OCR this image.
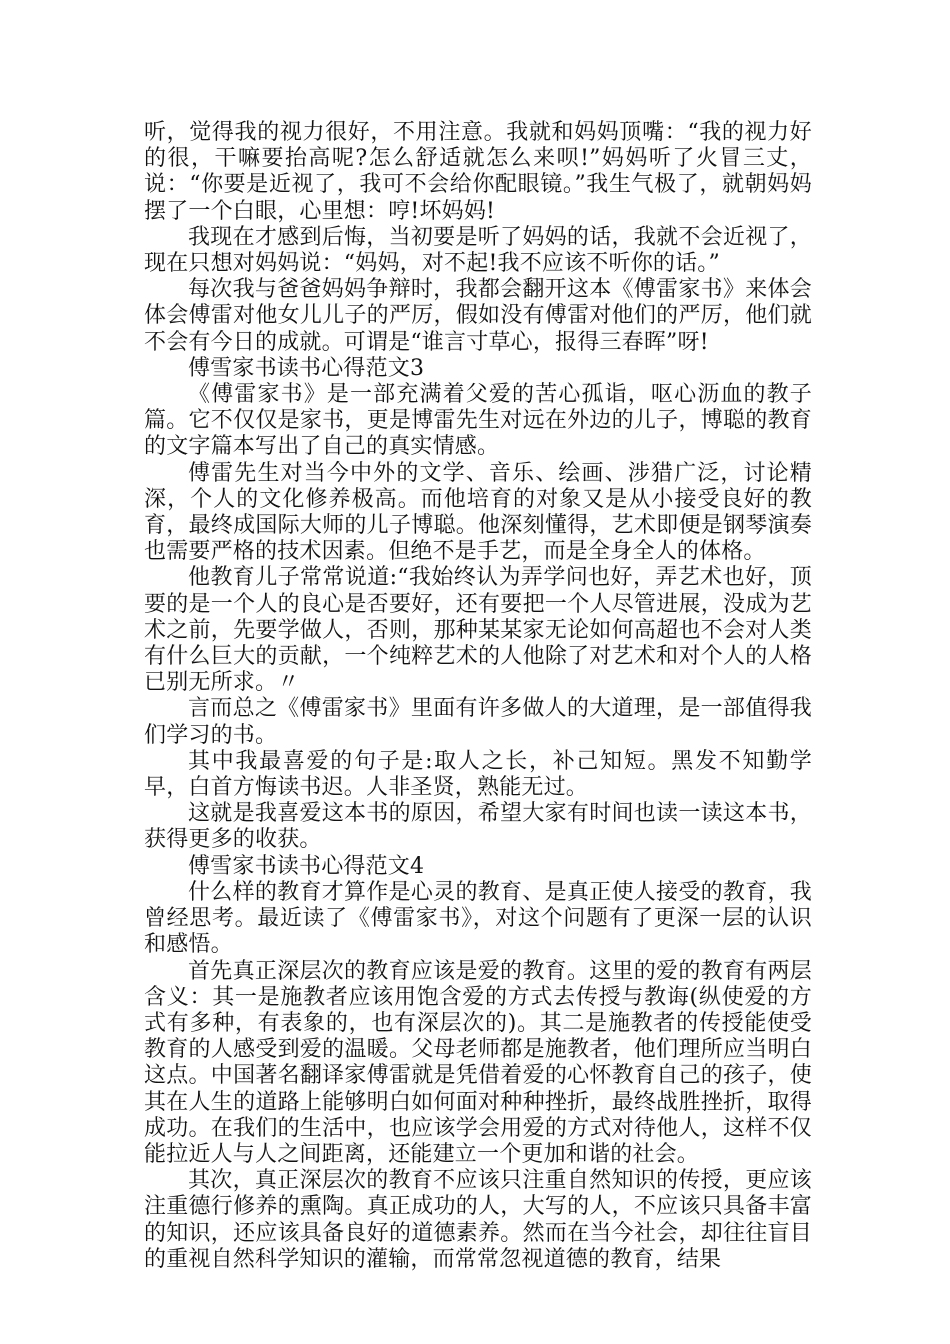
听，觉得我的视力很好，不用注意。我就和妈妈顶嘴：“我的视力好的很，干嘛要抬高呢?怎么舒适就怎么来呗!”妈妈听了火冒三丈，说：“你要是近视了，我可不会给你配眼镜。”我生气极了，就朝妈妈摆了一个白眼，心里想：哼!坏妈妈!

我现在才感到后悔，当初要是听了妈妈的话，我就不会近视了，现在只想对妈妈说：“妈妈，对不起!我不应该不听你的话。”

每次我与爸爸妈妈争辩时，我都会翻开这本《傅雷家书》来体会体会傅雷对他女儿儿子的严厉，假如没有傅雷对他们的严厉，他们就不会有今日的成就。可谓是“谁言寸草心，报得三春晖”呀!

傅雪家书读书心得范文3

《傅雷家书》是一部充满着父爱的苦心孤诣，呕心沥血的教子篇。它不仅仅是家书，更是博雷先生对远在外边的儿子，博聪的教育的文字篇本写出了自己的真实情感。

傅雷先生对当今中外的文学、音乐、绘画、涉猎广泛，讨论精深，个人的文化修养极高。而他培育的对象又是从小接受良好的教育，最终成国际大师的儿子博聪。他深刻懂得，艺术即便是钢琴演奏也需要严格的技术因素。但绝不是手艺，而是全身全人的体格。

他教育儿子常常说道:“我始终认为弄学问也好，弄艺术也好，顶要的是一个人的良心是否要好，还有要把一个人尽管进展，没成为艺术之前，先要学做人，否则，那种某某家无论如何高超也不会对人类有什么巨大的贡献，一个纯粹艺术的人他除了对艺术和对个人的人格已别无所求。〃

言而总之《傅雷家书》里面有许多做人的大道理，是一部值得我们学习的书。

其中我最喜爱的句子是:取人之长，补己知短。黑发不知勤学早，白首方悔读书迟。人非圣贤，熟能无过。

这就是我喜爱这本书的原因，希望大家有时间也读一读这本书，获得更多的收获。

傅雪家书读书心得范文4

什么样的教育才算作是心灵的教育、是真正使人接受的教育，我曾经思考。最近读了《傅雷家书》，对这个问题有了更深一层的认识和感悟。

首先真正深层次的教育应该是爱的教育。这里的爱的教育有两层含义：其一是施教者应该用饱含爱的方式去传授与教诲(纵使爱的方式有多种，有表象的，也有深层次的)。其二是施教者的传授能使受教育的人感受到爱的温暖。父母老师都是施教者，他们理所应当明白这点。中国著名翻译家傅雷就是凭借着爱的心怀教育自己的孩子，使其在人生的道路上能够明白如何面对种种挫折，最终战胜挫折，取得成功。在我们的生活中，也应该学会用爱的方式对待他人，这样不仅能拉近人与人之间距离，还能建立一个更加和谐的社会。

其次，真正深层次的教育不应该只注重自然知识的传授，更应该注重德行修养的熏陶。真正成功的人，大写的人，不应该只具备丰富的知识，还应该具备良好的道德素养。然而在当今社会，却往往盲目的重视自然科学知识的灌输，而常常忽视道德的教育，结果
